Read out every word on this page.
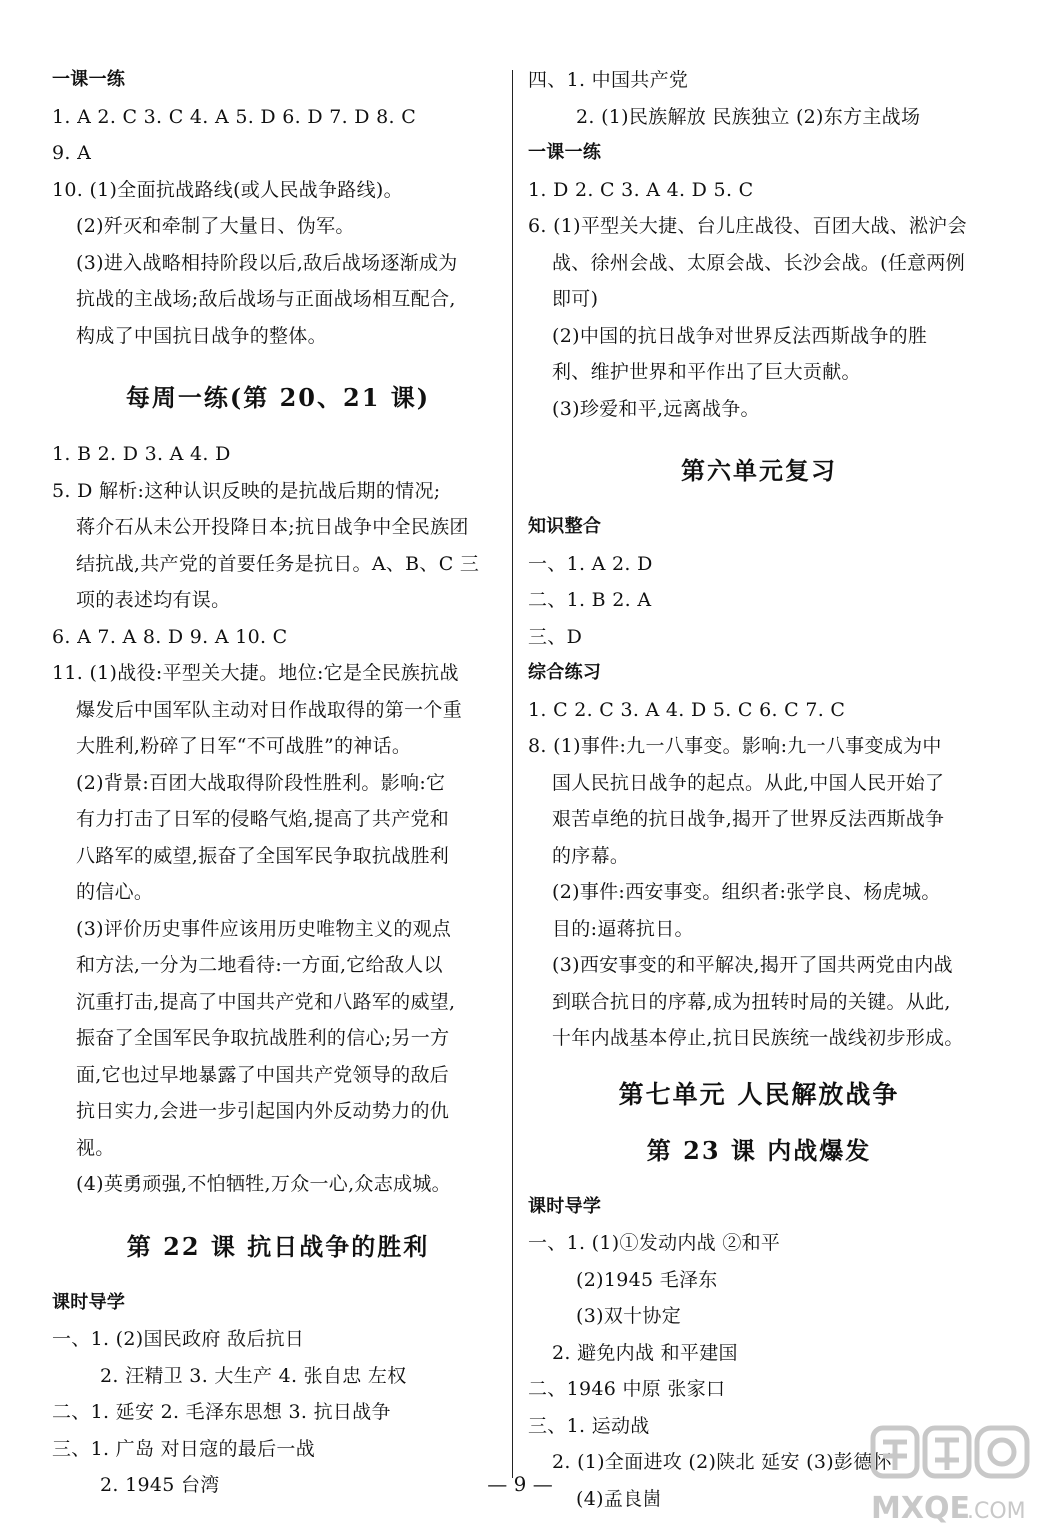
一课一练
1. A 2. C 3. C 4. A 5. D 6. D 7. D 8. C
9. A
10. (1)全面抗战路线(或人民战争路线)。
(2)歼灭和牵制了大量日、伪军。
(3)进入战略相持阶段以后,敌后战场逐渐成为
抗战的主战场;敌后战场与正面战场相互配合,
构成了中国抗日战争的整体。
每周一练(第 20、21 课)
1. B 2. D 3. A 4. D
5. D 解析:这种认识反映的是抗战后期的情况;
蒋介石从未公开投降日本;抗日战争中全民族团
结抗战,共产党的首要任务是抗日。A、B、C 三
项的表述均有误。
6. A 7. A 8. D 9. A 10. C
11. (1)战役:平型关大捷。地位:它是全民族抗战
爆发后中国军队主动对日作战取得的第一个重
大胜利,粉碎了日军“不可战胜”的神话。
(2)背景:百团大战取得阶段性胜利。影响:它
有力打击了日军的侵略气焰,提高了共产党和
八路军的威望,振奋了全国军民争取抗战胜利
的信心。
(3)评价历史事件应该用历史唯物主义的观点
和方法,一分为二地看待:一方面,它给敌人以
沉重打击,提高了中国共产党和八路军的威望,
振奋了全国军民争取抗战胜利的信心;另一方
面,它也过早地暴露了中国共产党领导的敌后
抗日实力,会进一步引起国内外反动势力的仇
视。
(4)英勇顽强,不怕牺牲,万众一心,众志成城。
第 22 课 抗日战争的胜利
课时导学
一、1. (2)国民政府 敌后抗日
2. 汪精卫 3. 大生产 4. 张自忠 左权
二、1. 延安 2. 毛泽东思想 3. 抗日战争
三、1. 广岛 对日寇的最后一战
2. 1945 台湾
四、1. 中国共产党
2. (1)民族解放 民族独立 (2)东方主战场
一课一练
1. D 2. C 3. A 4. D 5. C
6. (1)平型关大捷、台儿庄战役、百团大战、淞沪会
战、徐州会战、太原会战、长沙会战。(任意两例
即可)
(2)中国的抗日战争对世界反法西斯战争的胜
利、维护世界和平作出了巨大贡献。
(3)珍爱和平,远离战争。
第六单元复习
知识整合
一、1. A 2. D
二、1. B 2. A
三、D
综合练习
1. C 2. C 3. A 4. D 5. C 6. C 7. C
8. (1)事件:九一八事变。影响:九一八事变成为中
国人民抗日战争的起点。从此,中国人民开始了
艰苦卓绝的抗日战争,揭开了世界反法西斯战争
的序幕。
(2)事件:西安事变。组织者:张学良、杨虎城。
目的:逼蒋抗日。
(3)西安事变的和平解决,揭开了国共两党由内战
到联合抗日的序幕,成为扭转时局的关键。从此,
十年内战基本停止,抗日民族统一战线初步形成。
第七单元 人民解放战争
第 23 课 内战爆发
课时导学
一、1. (1)①发动内战 ②和平
(2)1945 毛泽东
(3)双十协定
2. 避免内战 和平建国
二、1946 中原 张家口
三、1. 运动战
2. (1)全面进攻 (2)陕北 延安 (3)彭德怀
(4)孟良崮
— 9 —
MXQE
.COM
